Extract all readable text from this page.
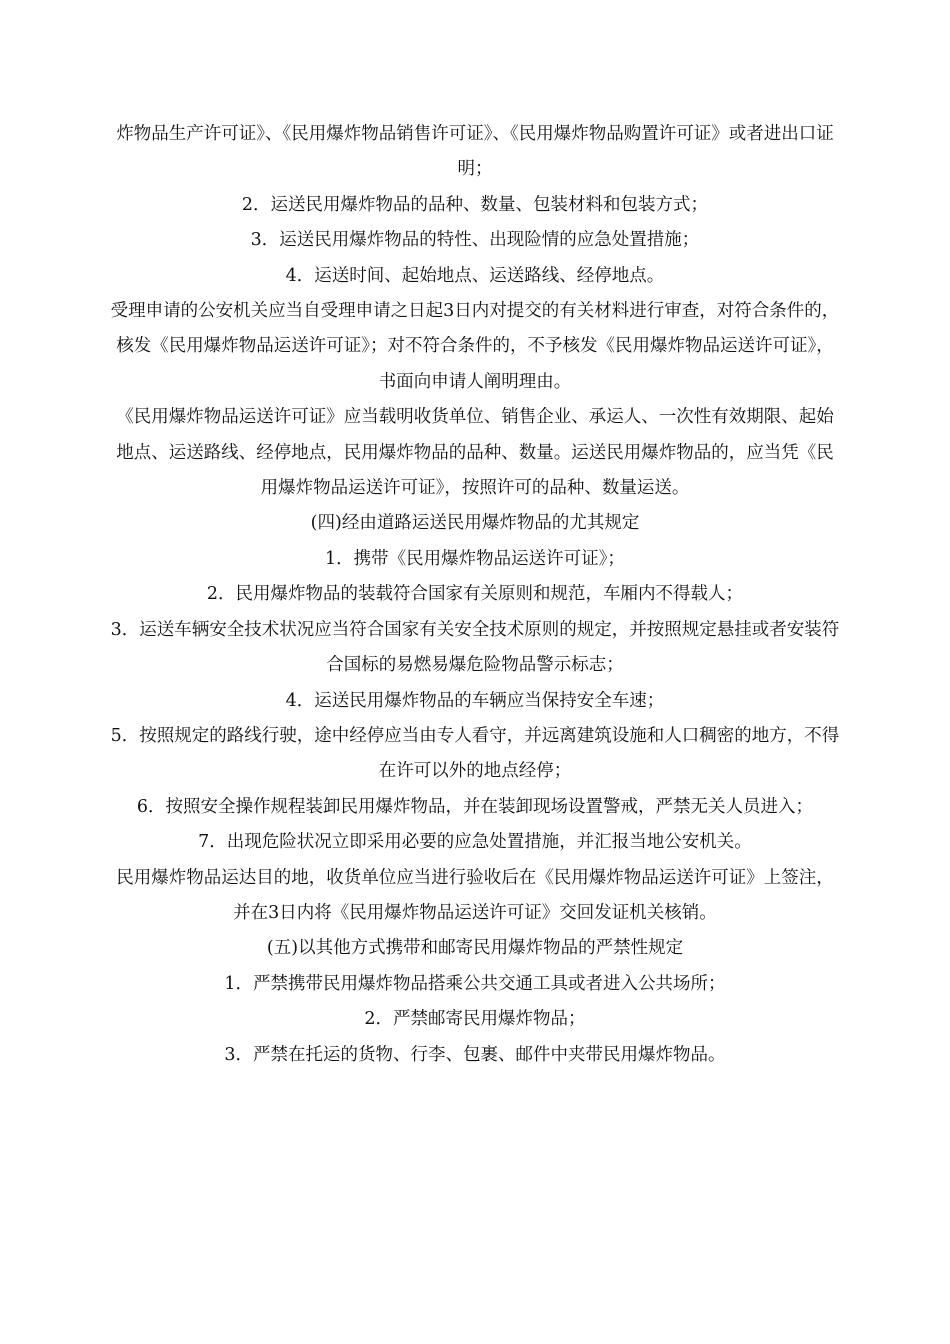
炸物品生产许可证》、《民用爆炸物品销售许可证》、《民用爆炸物品购置许可证》或者进出口证明；

2．运送民用爆炸物品的品种、数量、包装材料和包装方式；

3．运送民用爆炸物品的特性、出现险情的应急处置措施；

4．运送时间、起始地点、运送路线、经停地点。

受理申请的公安机关应当自受理申请之日起3日内对提交的有关材料进行审查，对符合条件的，核发《民用爆炸物品运送许可证》；对不符合条件的，不予核发《民用爆炸物品运送许可证》，书面向申请人阐明理由。

《民用爆炸物品运送许可证》应当载明收货单位、销售企业、承运人、一次性有效期限、起始地点、运送路线、经停地点，民用爆炸物品的品种、数量。运送民用爆炸物品的，应当凭《民用爆炸物品运送许可证》，按照许可的品种、数量运送。

(四)经由道路运送民用爆炸物品的尤其规定

1．携带《民用爆炸物品运送许可证》；

2．民用爆炸物品的装载符合国家有关原则和规范，车厢内不得载人；

3．运送车辆安全技术状况应当符合国家有关安全技术原则的规定，并按照规定悬挂或者安装符合国标的易燃易爆危险物品警示标志；

4．运送民用爆炸物品的车辆应当保持安全车速；

5．按照规定的路线行驶，途中经停应当由专人看守，并远离建筑设施和人口稠密的地方，不得在许可以外的地点经停；

6．按照安全操作规程装卸民用爆炸物品，并在装卸现场设置警戒，严禁无关人员进入；

7．出现危险状况立即采用必要的应急处置措施，并汇报当地公安机关。

民用爆炸物品运达目的地，收货单位应当进行验收后在《民用爆炸物品运送许可证》上签注，并在3日内将《民用爆炸物品运送许可证》交回发证机关核销。

(五)以其他方式携带和邮寄民用爆炸物品的严禁性规定

1．严禁携带民用爆炸物品搭乘公共交通工具或者进入公共场所；

2．严禁邮寄民用爆炸物品；

3．严禁在托运的货物、行李、包裹、邮件中夹带民用爆炸物品。
